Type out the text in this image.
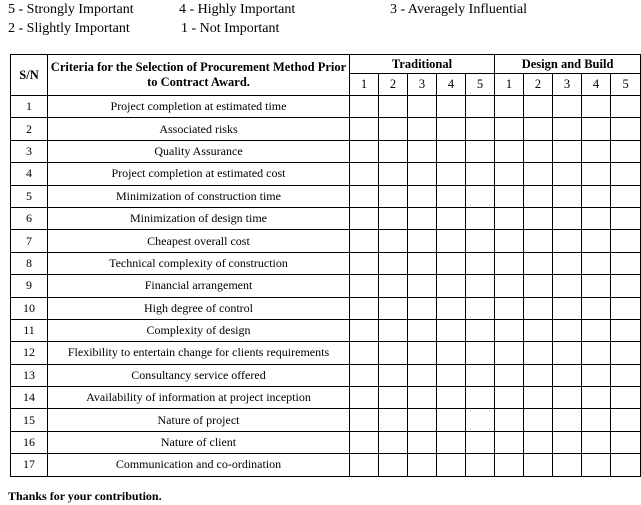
5 - Strongly Important	4 - Highly Important	3 - Averagely Influential
2 - Slightly Important	1 - Not Important
S/N	Criteria for the Selection of Procurement Method Prior to Contract Award.	Traditional					Design and Build				
		1	2	3	4	5	1	2	3	4	5
1	Project completion at estimated time										
2	Associated risks										
3	Quality Assurance										
4	Project completion at estimated cost										
5	Minimization of construction time										
6	Minimization of design time										
7	Cheapest overall cost										
8	Technical complexity of construction										
9	Financial arrangement										
10	High degree of control										
11	Complexity of design										
12	Flexibility to entertain change for clients requirements										
13	Consultancy service offered										
14	Availability of information at project inception										
15	Nature of project										
16	Nature of client										
17	Communication and co-ordination										
Thanks for your contribution.
